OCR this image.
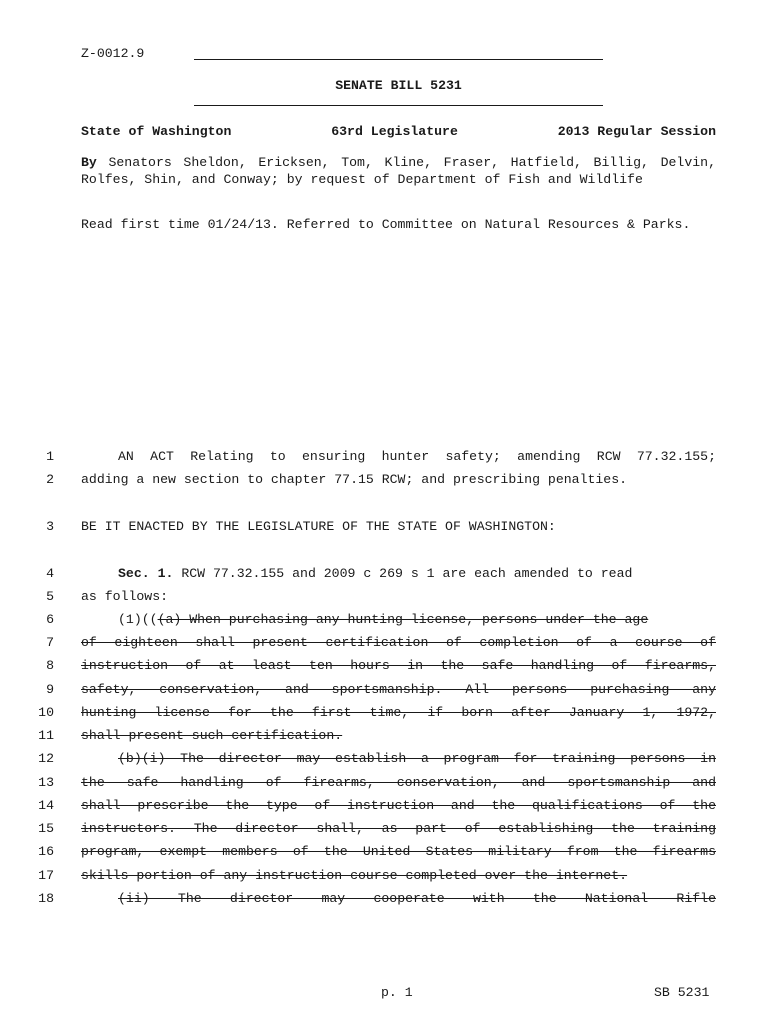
Z-0012.9
SENATE BILL 5231
State of Washington	63rd Legislature	2013 Regular Session
By Senators Sheldon, Ericksen, Tom, Kline, Fraser, Hatfield, Billig, Delvin, Rolfes, Shin, and Conway; by request of Department of Fish and Wildlife
Read first time 01/24/13. Referred to Committee on Natural Resources & Parks.
1	AN ACT Relating to ensuring hunter safety; amending RCW 77.32.155;
2 adding a new section to chapter 77.15 RCW; and prescribing penalties.
3 BE IT ENACTED BY THE LEGISLATURE OF THE STATE OF WASHINGTON:
4	Sec. 1. RCW 77.32.155 and 2009 c 269 s 1 are each amended to read
5 as follows:
6	(1)(((a) When purchasing any hunting license, persons under the age
7 of eighteen shall present certification of completion of a course of
8 instruction of at least ten hours in the safe handling of firearms,
9 safety, conservation, and sportsmanship. All persons purchasing any
10 hunting license for the first time, if born after January 1, 1972,
11 shall present such certification.
12	(b)(i) The director may establish a program for training persons in
13 the safe handling of firearms, conservation, and sportsmanship and
14 shall prescribe the type of instruction and the qualifications of the
15 instructors. The director shall, as part of establishing the training
16 program, exempt members of the United States military from the firearms
17 skills portion of any instruction course completed over the internet.
18	(ii) The director may cooperate with the National Rifle
p. 1	SB 5231
